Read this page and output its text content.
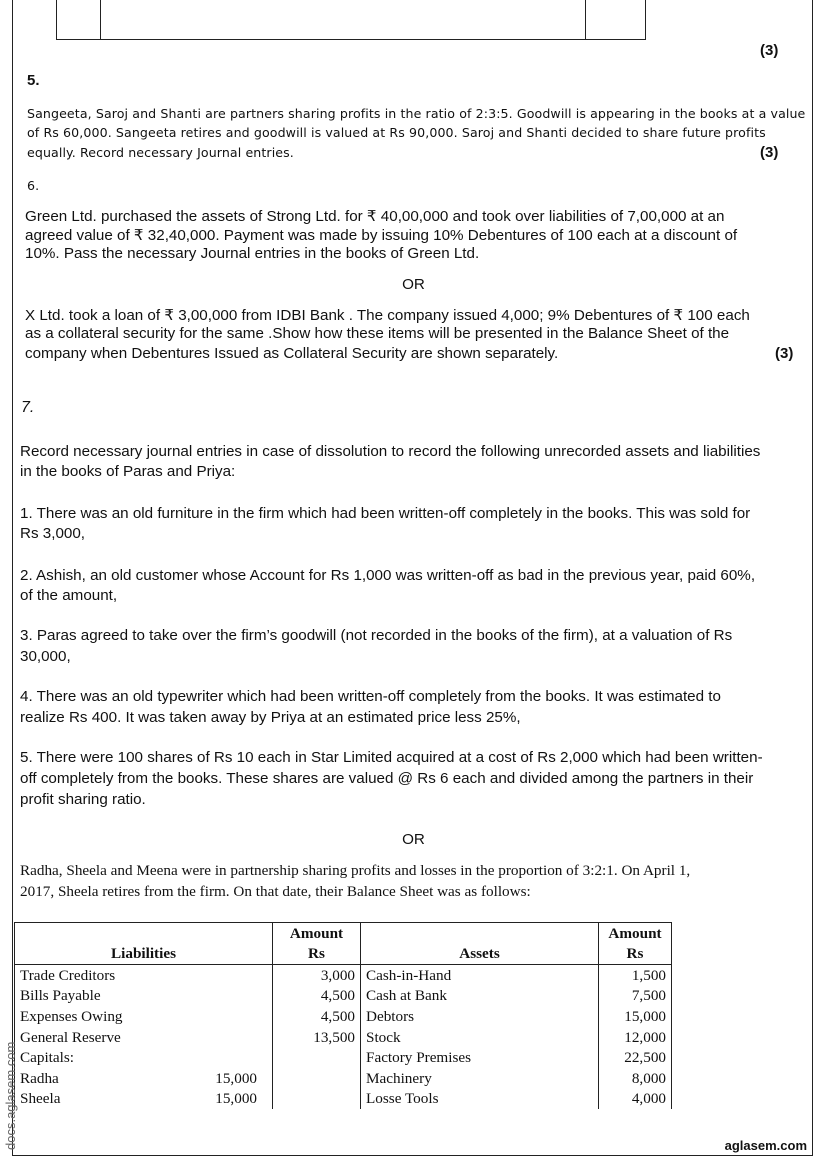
(3)
5.
Sangeeta, Saroj and Shanti are partners sharing profits in the ratio of 2:3:5. Goodwill is appearing in the books at a value
of Rs 60,000. Sangeeta retires and goodwill is valued at Rs 90,000. Saroj and Shanti decided to share future profits
equally. Record necessary Journal entries.	(3)
6.
Green Ltd. purchased the assets of Strong Ltd. for ₹ 40,00,000 and took over liabilities of 7,00,000 at an
agreed value of ₹ 32,40,000. Payment was made by issuing 10% Debentures of 100 each at a discount of
10%. Pass the necessary Journal entries in the books of Green Ltd.
OR
X Ltd. took a loan of ₹ 3,00,000 from IDBI Bank . The company issued 4,000; 9% Debentures of ₹ 100 each
as a collateral security for the same .Show how these items will be presented in the Balance Sheet of the
company when Debentures Issued as Collateral Security are shown separately.	(3)
7.
Record necessary journal entries in case of dissolution to record the following unrecorded assets and liabilities
in the books of Paras and Priya:
1. There was an old furniture in the firm which had been written-off completely in the books. This was sold for
Rs 3,000,
2. Ashish, an old customer whose Account for Rs 1,000 was written-off as bad in the previous year, paid 60%,
of the amount,
3. Paras agreed to take over the firm’s goodwill (not recorded in the books of the firm), at a valuation of Rs
30,000,
4. There was an old typewriter which had been written-off completely from the books. It was estimated to
realize Rs 400. It was taken away by Priya at an estimated price less 25%,
5. There were 100 shares of Rs 10 each in Star Limited acquired at a cost of Rs 2,000 which had been written-
off completely from the books. These shares are valued @ Rs 6 each and divided among the partners in their
profit sharing ratio.
OR
Radha, Sheela and Meena were in partnership sharing profits and losses in the proportion of 3:2:1. On April 1,
2017, Sheela retires from the firm. On that date, their Balance Sheet was as follows:
	Amount		Amount
Liabilities	Rs	Assets	Rs
Trade Creditors	3,000	Cash-in-Hand	1,500
Bills Payable	4,500	Cash at Bank	7,500
Expenses Owing	4,500	Debtors	15,000
General Reserve	13,500	Stock	12,000
Capitals:		Factory Premises	22,500
Radha 15,000		Machinery	8,000
Sheela 15,000		Losse Tools	4,000
docs.aglasem.com	aglasem.com
